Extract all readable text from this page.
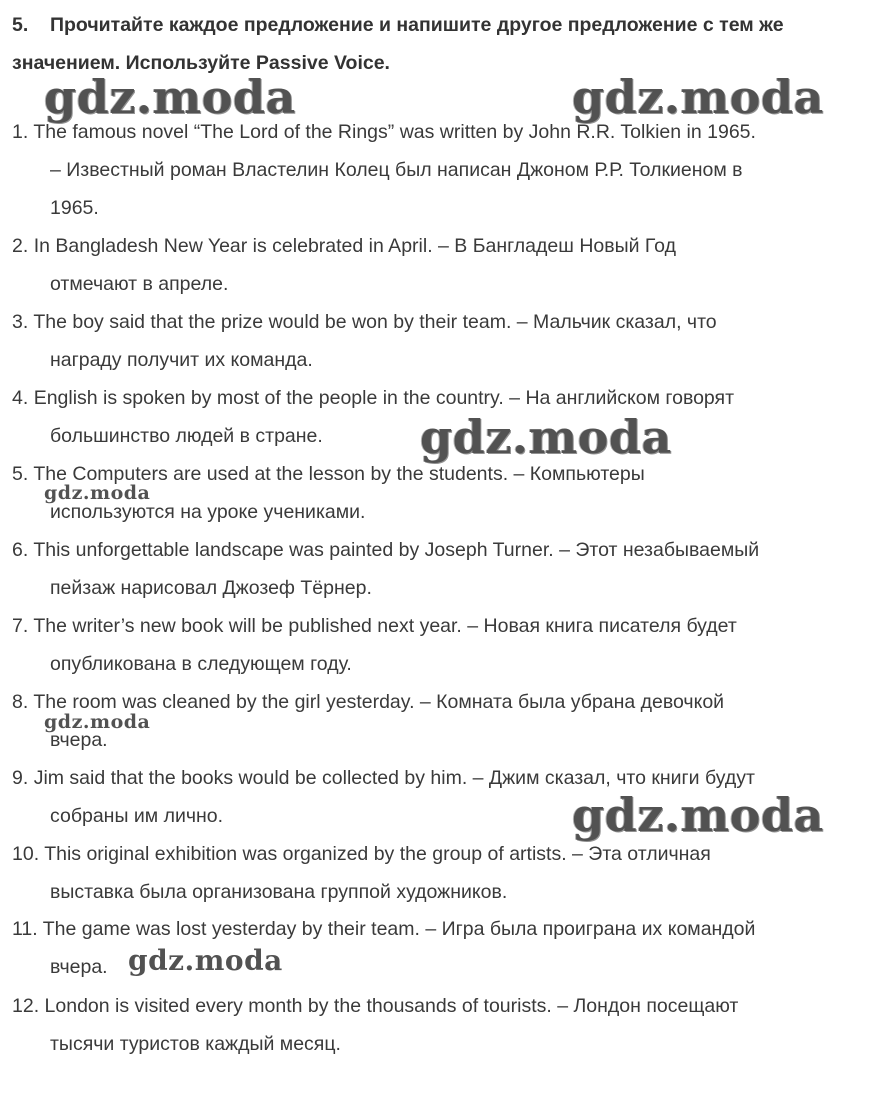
5. Прочитайте каждое предложение и напишите другое предложение с тем же значением. Используйте Passive Voice.
1. The famous novel “The Lord of the Rings” was written by John R.R. Tolkien in 1965.
– Известный роман Властелин Колец был написан Джоном Р.Р. Толкиеном в
1965.
2. In Bangladesh New Year is celebrated in April. – В Бангладеш Новый Год
отмечают в апреле.
3. The boy said that the prize would be won by their team. – Мальчик сказал, что
награду получит их команда.
4. English is spoken by most of the people in the country. – На английском говорят
большинство людей в стране.
5. The Computers are used at the lesson by the students. – Компьютеры
используются на уроке учениками.
6. This unforgettable landscape was painted by Joseph Turner. – Этот незабываемый
пейзаж нарисовал Джозеф Тёрнер.
7. The writer’s new book will be published next year. – Новая книга писателя будет
опубликована в следующем году.
8. The room was cleaned by the girl yesterday. – Комната была убрана девочкой
вчера.
9. Jim said that the books would be collected by him. – Джим сказал, что книги будут
собраны им лично.
10. This original exhibition was organized by the group of artists. – Эта отличная
выставка была организована группой художников.
11. The game was lost yesterday by their team. – Игра была проиграна их командой
вчера.
12. London is visited every month by the thousands of tourists. – Лондон посещают
тысячи туристов каждый месяц.
gdz.moda	gdz.moda
gdz.moda
gdz.moda
gdz.moda
gdz.moda
gdz.moda
